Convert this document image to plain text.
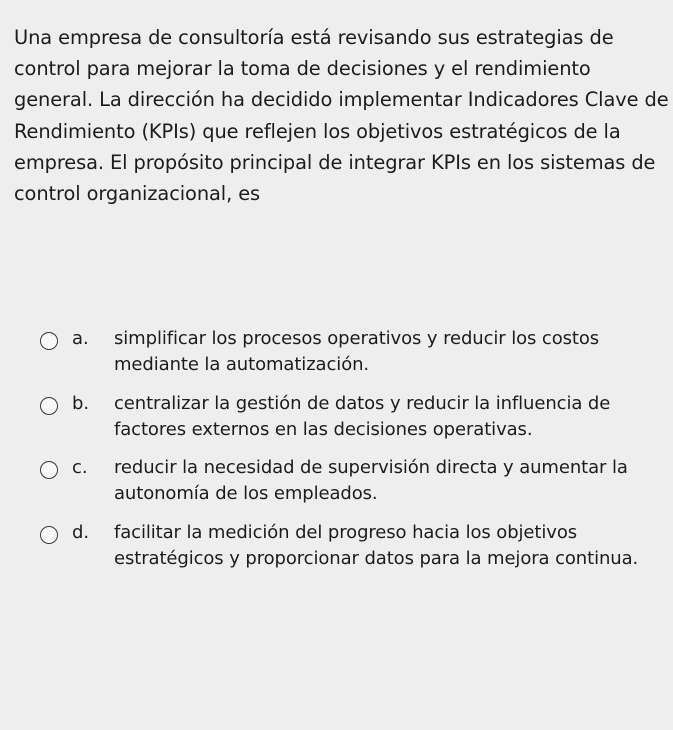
Una empresa de consultoría está revisando sus estrategias de control para mejorar la toma de decisiones y el rendimiento general. La dirección ha decidido implementar Indicadores Clave de Rendimiento (KPIs) que reflejen los objetivos estratégicos de la empresa. El propósito principal de integrar KPIs en los sistemas de control organizacional, es
a.	simplificar los procesos operativos y reducir los costos mediante la automatización.
b.	centralizar la gestión de datos y reducir la influencia de factores externos en las decisiones operativas.
c.	reducir la necesidad de supervisión directa y aumentar la autonomía de los empleados.
d.	facilitar la medición del progreso hacia los objetivos estratégicos y proporcionar datos para la mejora continua.
